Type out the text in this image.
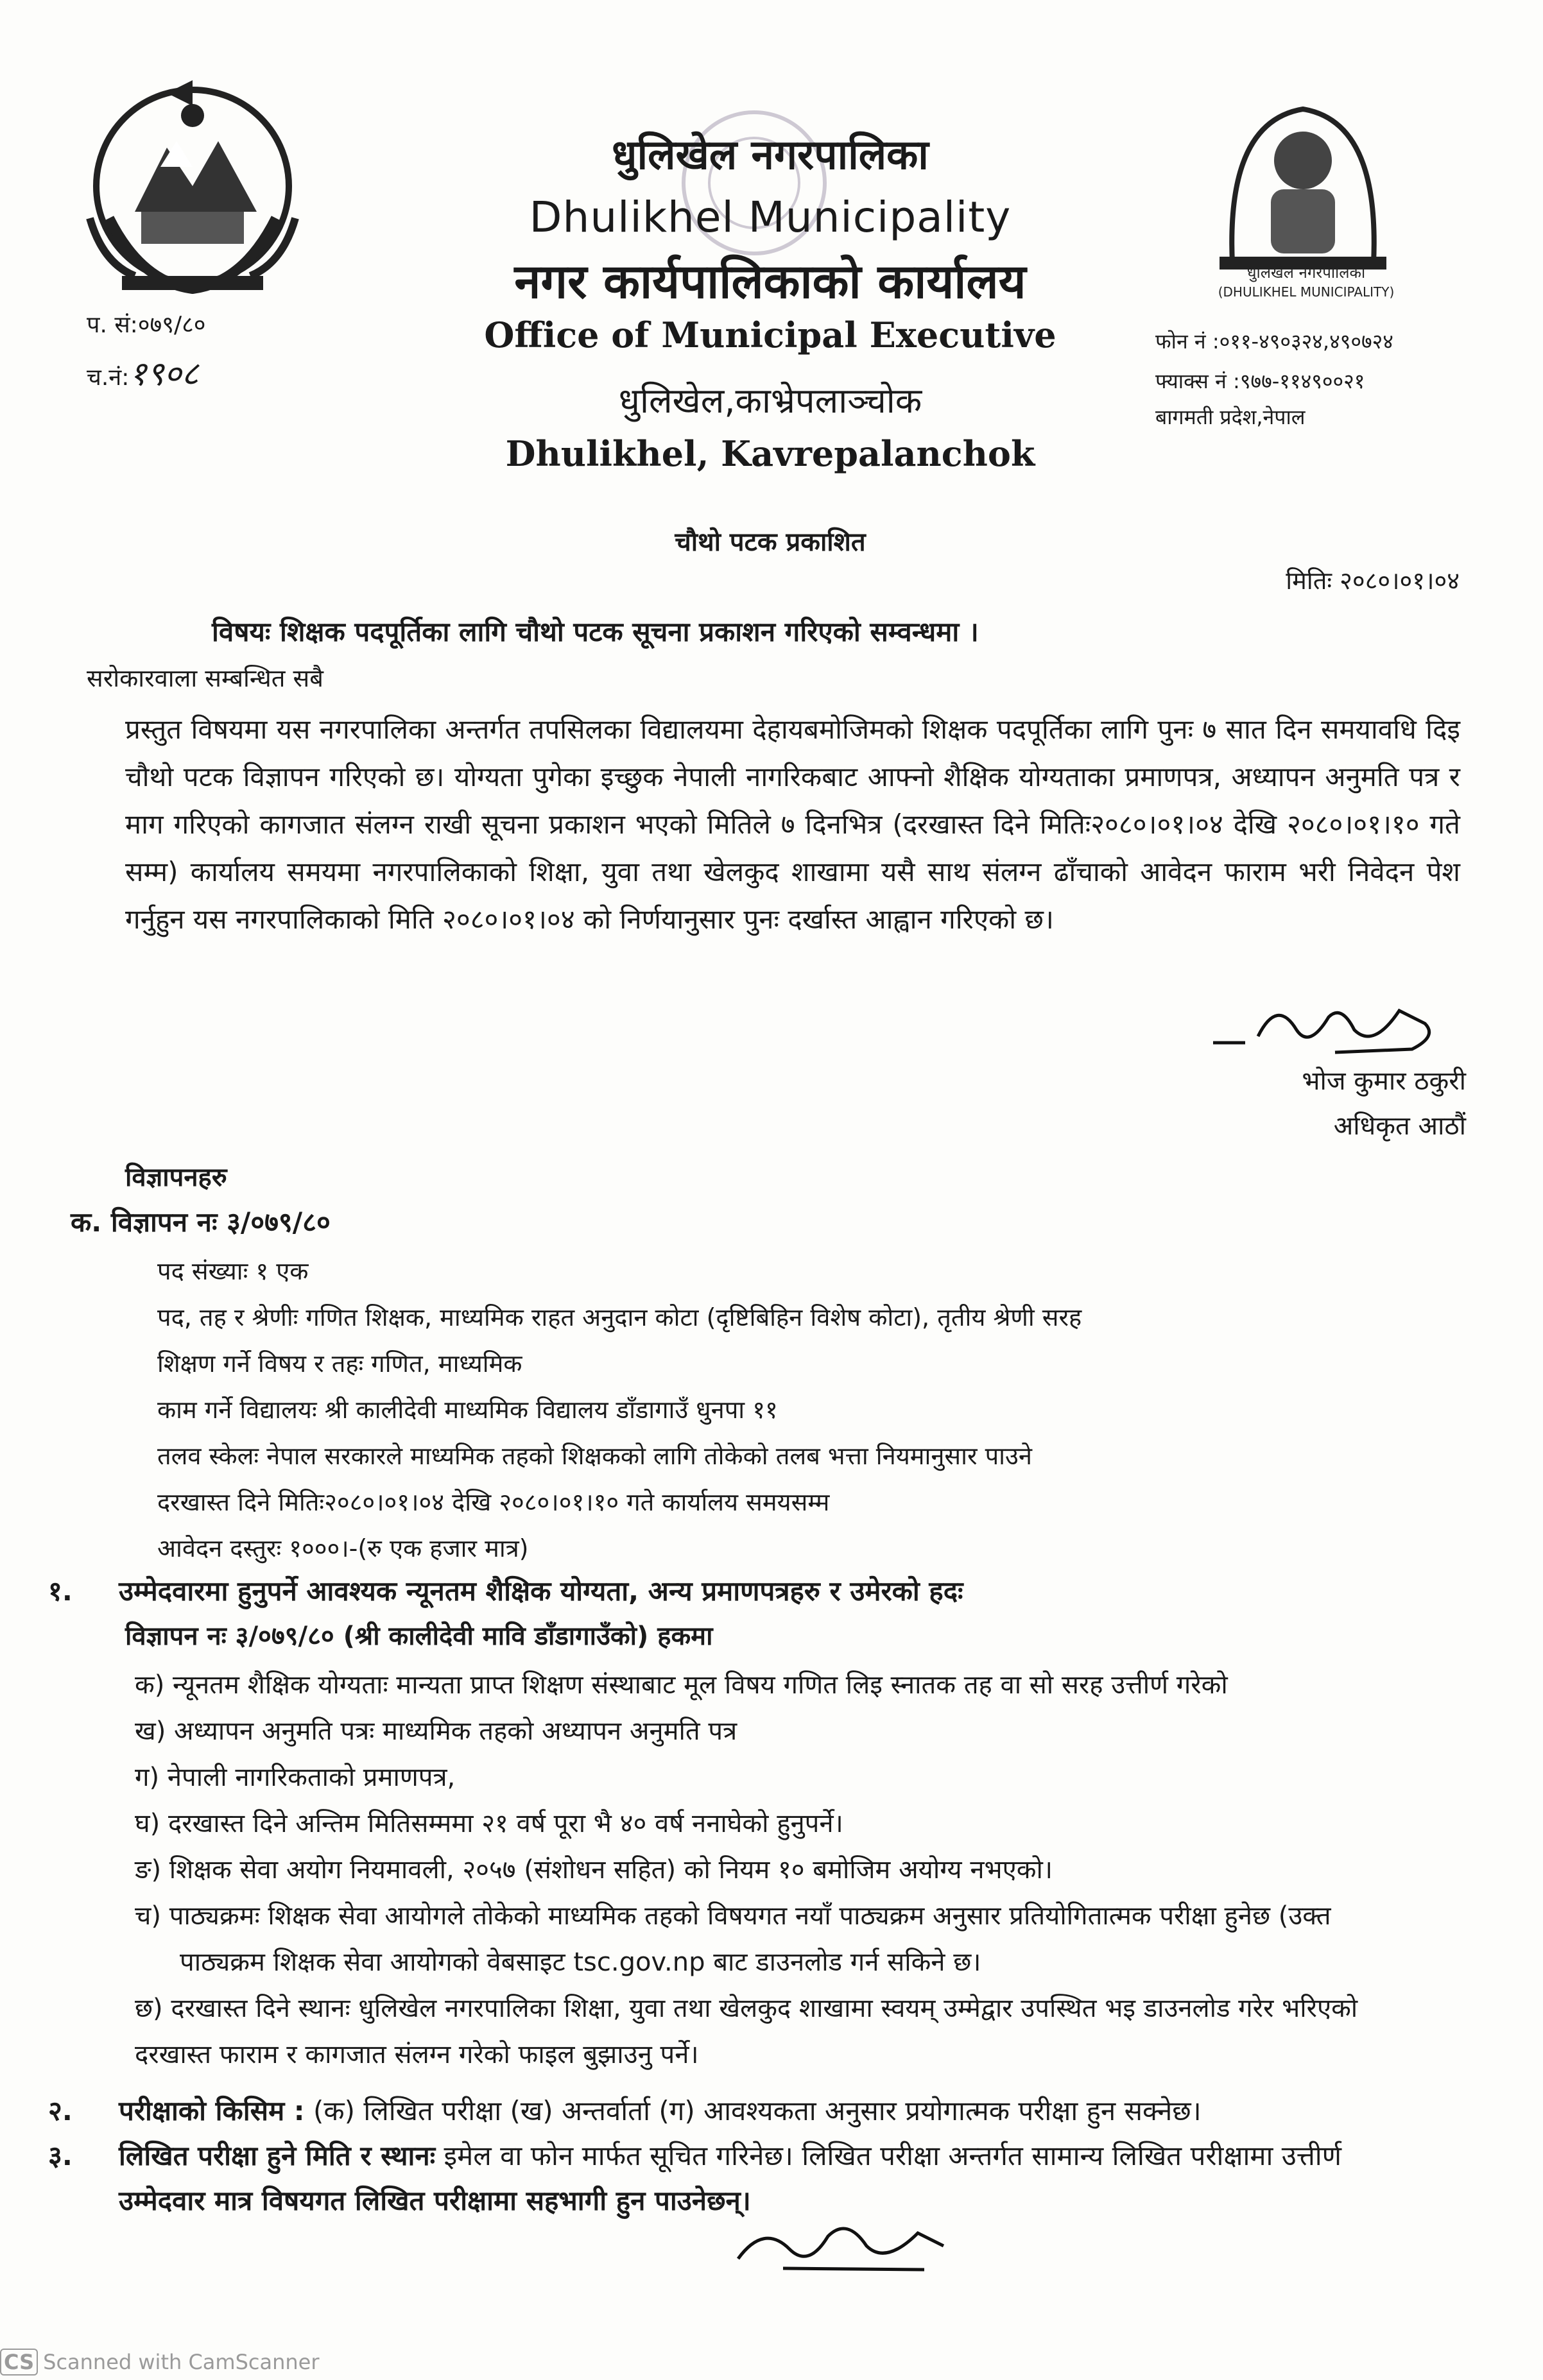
धुलिखेल नगरपालिका
(DHULIKHEL MUNICIPALITY)
धुलिखेल नगरपालिका
Dhulikhel Municipality
नगर कार्यपालिकाको कार्यालय
Office of Municipal Executive
धुलिखेल,काभ्रेपलाञ्चोक
Dhulikhel, Kavrepalanchok
प. सं:०७९/८०
च.नं:१९०८
फोन नं :०११-४९०३२४,४९०७२४
फ्याक्स नं :९७७-११४९००२१
बागमती प्रदेश,नेपाल
चौथो पटक प्रकाशित
मितिः २०८०।०१।०४
विषयः शिक्षक पदपूर्तिका लागि चौथो पटक सूचना प्रकाशन गरिएको सम्वन्धमा ।
सरोकारवाला सम्बन्धित सबै
प्रस्तुत विषयमा यस नगरपालिका अन्तर्गत तपसिलका विद्यालयमा देहायबमोजिमको शिक्षक पदपूर्तिका लागि पुनः ७ सात दिन समयावधि दिइ चौथो पटक विज्ञापन गरिएको छ। योग्यता पुगेका इच्छुक नेपाली नागरिकबाट आफ्नो शैक्षिक योग्यताका प्रमाणपत्र, अध्यापन अनुमति पत्र र माग गरिएको कागजात संलग्न राखी सूचना प्रकाशन भएको मितिले ७ दिनभित्र (दरखास्त दिने मितिः२०८०।०१।०४ देखि २०८०।०१।१० गते सम्म) कार्यालय समयमा नगरपालिकाको शिक्षा, युवा तथा खेलकुद शाखामा यसै साथ संलग्न ढाँचाको आवेदन फाराम भरी निवेदन पेश गर्नुहुन यस नगरपालिकाको मिति २०८०।०१।०४ को निर्णयानुसार पुनः दर्खास्त आह्वान गरिएको छ।
भोज कुमार ठकुरी
अधिकृत आठौं
विज्ञापनहरु
क. विज्ञापन नः ३/०७९/८०
पद संख्याः १ एक
पद, तह र श्रेणीः गणित शिक्षक, माध्यमिक राहत अनुदान कोटा (दृष्टिबिहिन विशेष कोटा), तृतीय श्रेणी सरह
शिक्षण गर्ने विषय र तहः गणित, माध्यमिक
काम गर्ने विद्यालयः श्री कालीदेवी माध्यमिक विद्यालय डाँडागाउँ धुनपा ११
तलव स्केलः नेपाल सरकारले माध्यमिक तहको शिक्षकको लागि तोकेको तलब भत्ता नियमानुसार पाउने
दरखास्त दिने मितिः२०८०।०१।०४ देखि २०८०।०१।१० गते कार्यालय समयसम्म
आवेदन दस्तुरः १०००।-(रु एक हजार मात्र)
१. उम्मेदवारमा हुनुपर्ने आवश्यक न्यूनतम शैक्षिक योग्यता, अन्य प्रमाणपत्रहरु र उमेरको हदः
विज्ञापन नः ३/०७९/८० (श्री कालीदेवी मावि डाँडागाउँको) हकमा
क) न्यूनतम शैक्षिक योग्यताः मान्यता प्राप्त शिक्षण संस्थाबाट मूल विषय गणित लिइ स्नातक तह वा सो सरह उत्तीर्ण गरेको
ख) अध्यापन अनुमति पत्रः माध्यमिक तहको अध्यापन अनुमति पत्र
ग) नेपाली नागरिकताको प्रमाणपत्र,
घ) दरखास्त दिने अन्तिम मितिसम्ममा २१ वर्ष पूरा भै ४० वर्ष ननाघेको हुनुपर्ने।
ङ) शिक्षक सेवा अयोग नियमावली, २०५७ (संशोधन सहित) को नियम १० बमोजिम अयोग्य नभएको।
च) पाठ्यक्रमः शिक्षक सेवा आयोगले तोकेको माध्यमिक तहको विषयगत नयाँ पाठ्यक्रम अनुसार प्रतियोगितात्मक परीक्षा हुनेछ (उक्त
पाठ्यक्रम शिक्षक सेवा आयोगको वेबसाइट tsc.gov.np बाट डाउनलोड गर्न सकिने छ।
छ) दरखास्त दिने स्थानः धुलिखेल नगरपालिका शिक्षा, युवा तथा खेलकुद शाखामा स्वयम् उम्मेद्वार उपस्थित भइ डाउनलोड गरेर भरिएको
दरखास्त फाराम र कागजात संलग्न गरेको फाइल बुझाउनु पर्ने।
२. परीक्षाको किसिम : (क) लिखित परीक्षा (ख) अन्तर्वार्ता (ग) आवश्यकता अनुसार प्रयोगात्मक परीक्षा हुन सक्नेछ।
३. लिखित परीक्षा हुने मिति र स्थानः इमेल वा फोन मार्फत सूचित गरिनेछ। लिखित परीक्षा अन्तर्गत सामान्य लिखित परीक्षामा उत्तीर्ण
उम्मेदवार मात्र विषयगत लिखित परीक्षामा सहभागी हुन पाउनेछन्।
CS Scanned with CamScanner
